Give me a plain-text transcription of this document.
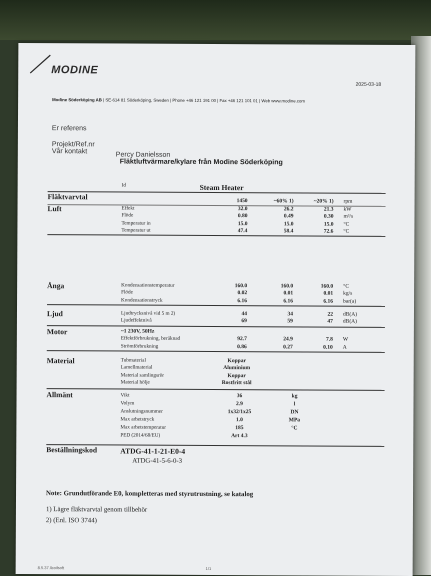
MODINE
2025-03-18
Modine Söderköping AB | SE-614 81 Söderköping, Sweden | Phone +46 121 191 00 | Fax +46 121 101 01 | Web www.modine.com
Er referens
Projekt/Ref.nr
Vår kontakt	Percy Danielsson
Fläktluftvärmare/kylare från Modine Söderköping
Id	Steam Heater
Fläktvarvtal	1450	~60% 1)	~20% 1) rpm
Luft	Effekt	32.0	26.2	21.3 kW
Flöde	0.80	0.49	0.30 m³/s
Temperatur in	15.0	15.0	15.0 °C
Temperatur ut	47.4	58.4	72.6 °C
Ånga	Kondensationstemperatur	160.0	160.0	160.0 °C
Flöde	0.02	0.01	0.01 kg/s
Kondensationstryck	6.16	6.16	6.16 bar(a)
Ljud	Ljudtrycksnivå vid 5 m 2)	44	34	22 dB(A)
Ljudeffektnivå	69	59	47 dB(A)
Motor	~1 230V, 50Hz
Effektförbrukning, beräknad	92.7	24.9	7.8 W
Strömförbrukning	0.86	0.27	0.10 A
Material	Tubmaterial	Koppar
Lamellmaterial	Aluminium
Material samlingsrör	Koppar
Material hölje	Rostfritt stål
Allmänt	Vikt	36	kg
Volym	2.9	l
Anslutningsnummer	1x32/1x25	DN
Max arbetstryck	1.0	MPa
Max arbetstemperatur	185	°C
PED (2014/68/EU)	Art 4.3
Beställningskod	ATDG-41-1-21-E0-4
ATDG-41-5-6-0-3
Note: Grundutförande E0, kompletteras med styrutrustning, se katalog
1) Lägre fläktvarvtal genom tillbehör
2) (Enl. ISO 3744)
8.5.37.0 coilsoft	1/1
